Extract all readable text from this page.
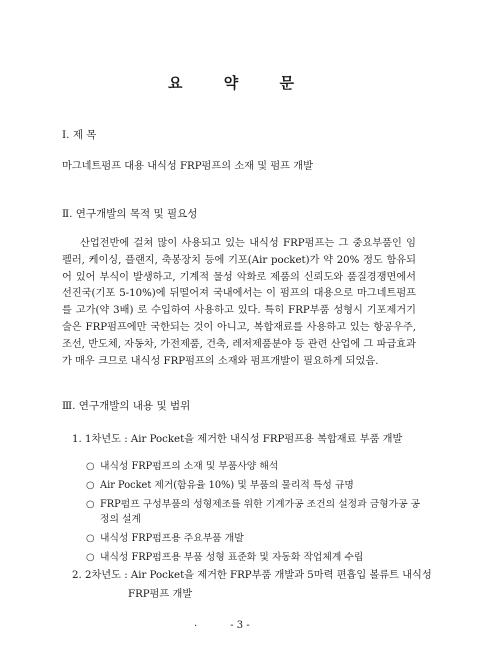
요 약 문
Ⅰ. 제 목
마그네트펌프 대용 내식성 FRP펌프의 소재 및 펌프 개발
Ⅱ. 연구개발의 목적 및 필요성

산업전반에 걸쳐 많이 사용되고 있는 내식성 FRP펌프는 그 중요부품인 임펠러, 케이싱, 플랜지, 축봉장치 등에 기포(Air pocket)가 약 20% 정도 함유되어 있어 부식이 발생하고, 기계적 물성 악화로 제품의 신뢰도와 품질경쟁면에서 선진국(기포 5-10%)에 뒤떨어져 국내에서는 이 펌프의 대용으로 마그네트펌프를 고가(약 3배) 로 수입하여 사용하고 있다. 특히 FRP부품 성형시 기포제거기술은 FRP펌프에만 국한되는 것이 아니고, 복합재료를 사용하고 있는 항공우주, 조선, 반도체, 자동차, 가전제품, 건축, 레저제품분야 등 관련 산업에 그 파급효과가 매우 크므로 내식성 FRP펌프의 소재와 펌프개발이 필요하게 되었음.

Ⅲ. 연구개발의 내용 및 범위
1. 1차년도 : Air Pocket을 제거한 내식성 FRP펌프용 복합재료 부품 개발
○ 내식성 FRP펌프의 소재 및 부품사양 해석
○ Air Pocket 제거(함유율 10%) 및 부품의 물리적 특성 규명
○ FRP펌프 구성부품의 성형제조를 위한 기계가공 조건의 설정과 금형가공 공정의 설계
○ 내식성 FRP펌프용 주요부품 개발
○ 내식성 FRP펌프용 부품 성형 표준화 및 자동화 작업체계 수립
2. 2차년도 : Air Pocket을 제거한 FRP부품 개발과 5마력 편흡입 볼류트 내식성
FRP펌프 개발
.	- 3 -
